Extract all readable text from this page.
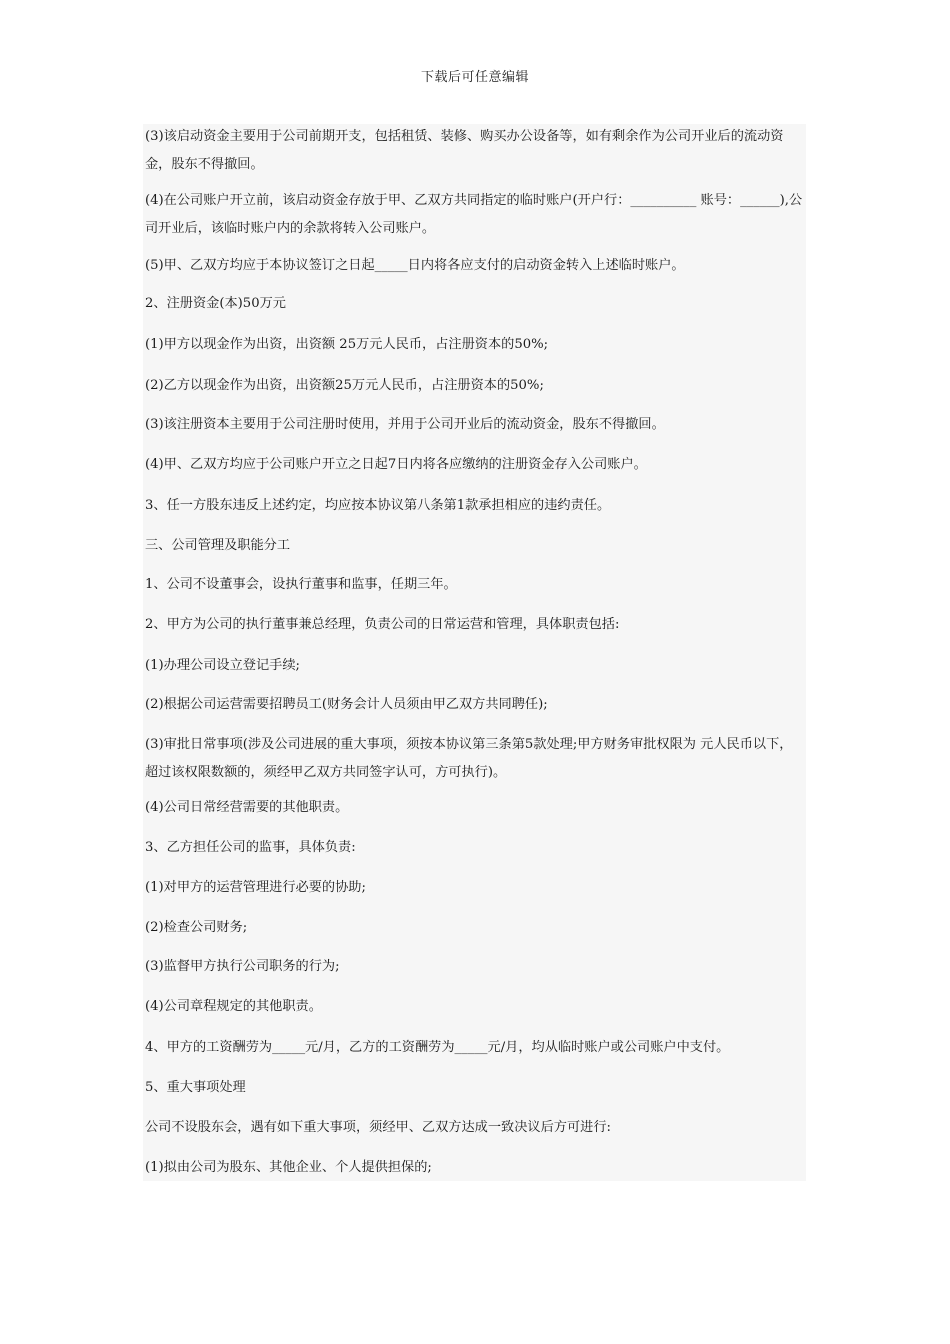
下载后可任意编辑
(3)该启动资金主要用于公司前期开支，包括租赁、装修、购买办公设备等，如有剩余作为公司开业后的流动资金，股东不得撤回。
(4)在公司账户开立前，该启动资金存放于甲、乙双方共同指定的临时账户(开户行：__________ 账号：______),公司开业后，该临时账户内的余款将转入公司账户。
(5)甲、乙双方均应于本协议签订之日起_____日内将各应支付的启动资金转入上述临时账户。
2、注册资金(本)50万元
(1)甲方以现金作为出资，出资额 25万元人民币，占注册资本的50%;
(2)乙方以现金作为出资，出资额25万元人民币，占注册资本的50%;
(3)该注册资本主要用于公司注册时使用，并用于公司开业后的流动资金，股东不得撤回。
(4)甲、乙双方均应于公司账户开立之日起7日内将各应缴纳的注册资金存入公司账户。
3、任一方股东违反上述约定，均应按本协议第八条第1款承担相应的违约责任。
三、公司管理及职能分工
1、公司不设董事会，设执行董事和监事，任期三年。
2、甲方为公司的执行董事兼总经理，负责公司的日常运营和管理，具体职责包括:
(1)办理公司设立登记手续;
(2)根据公司运营需要招聘员工(财务会计人员须由甲乙双方共同聘任);
(3)审批日常事项(涉及公司进展的重大事项，须按本协议第三条第5款处理;甲方财务审批权限为 元人民币以下，超过该权限数额的，须经甲乙双方共同签字认可，方可执行)。
(4)公司日常经营需要的其他职责。
3、乙方担任公司的监事，具体负责:
(1)对甲方的运营管理进行必要的协助;
(2)检查公司财务;
(3)监督甲方执行公司职务的行为;
(4)公司章程规定的其他职责。
4、甲方的工资酬劳为_____元/月，乙方的工资酬劳为_____元/月，均从临时账户或公司账户中支付。
5、重大事项处理
公司不设股东会，遇有如下重大事项，须经甲、乙双方达成一致决议后方可进行:
(1)拟由公司为股东、其他企业、个人提供担保的;
